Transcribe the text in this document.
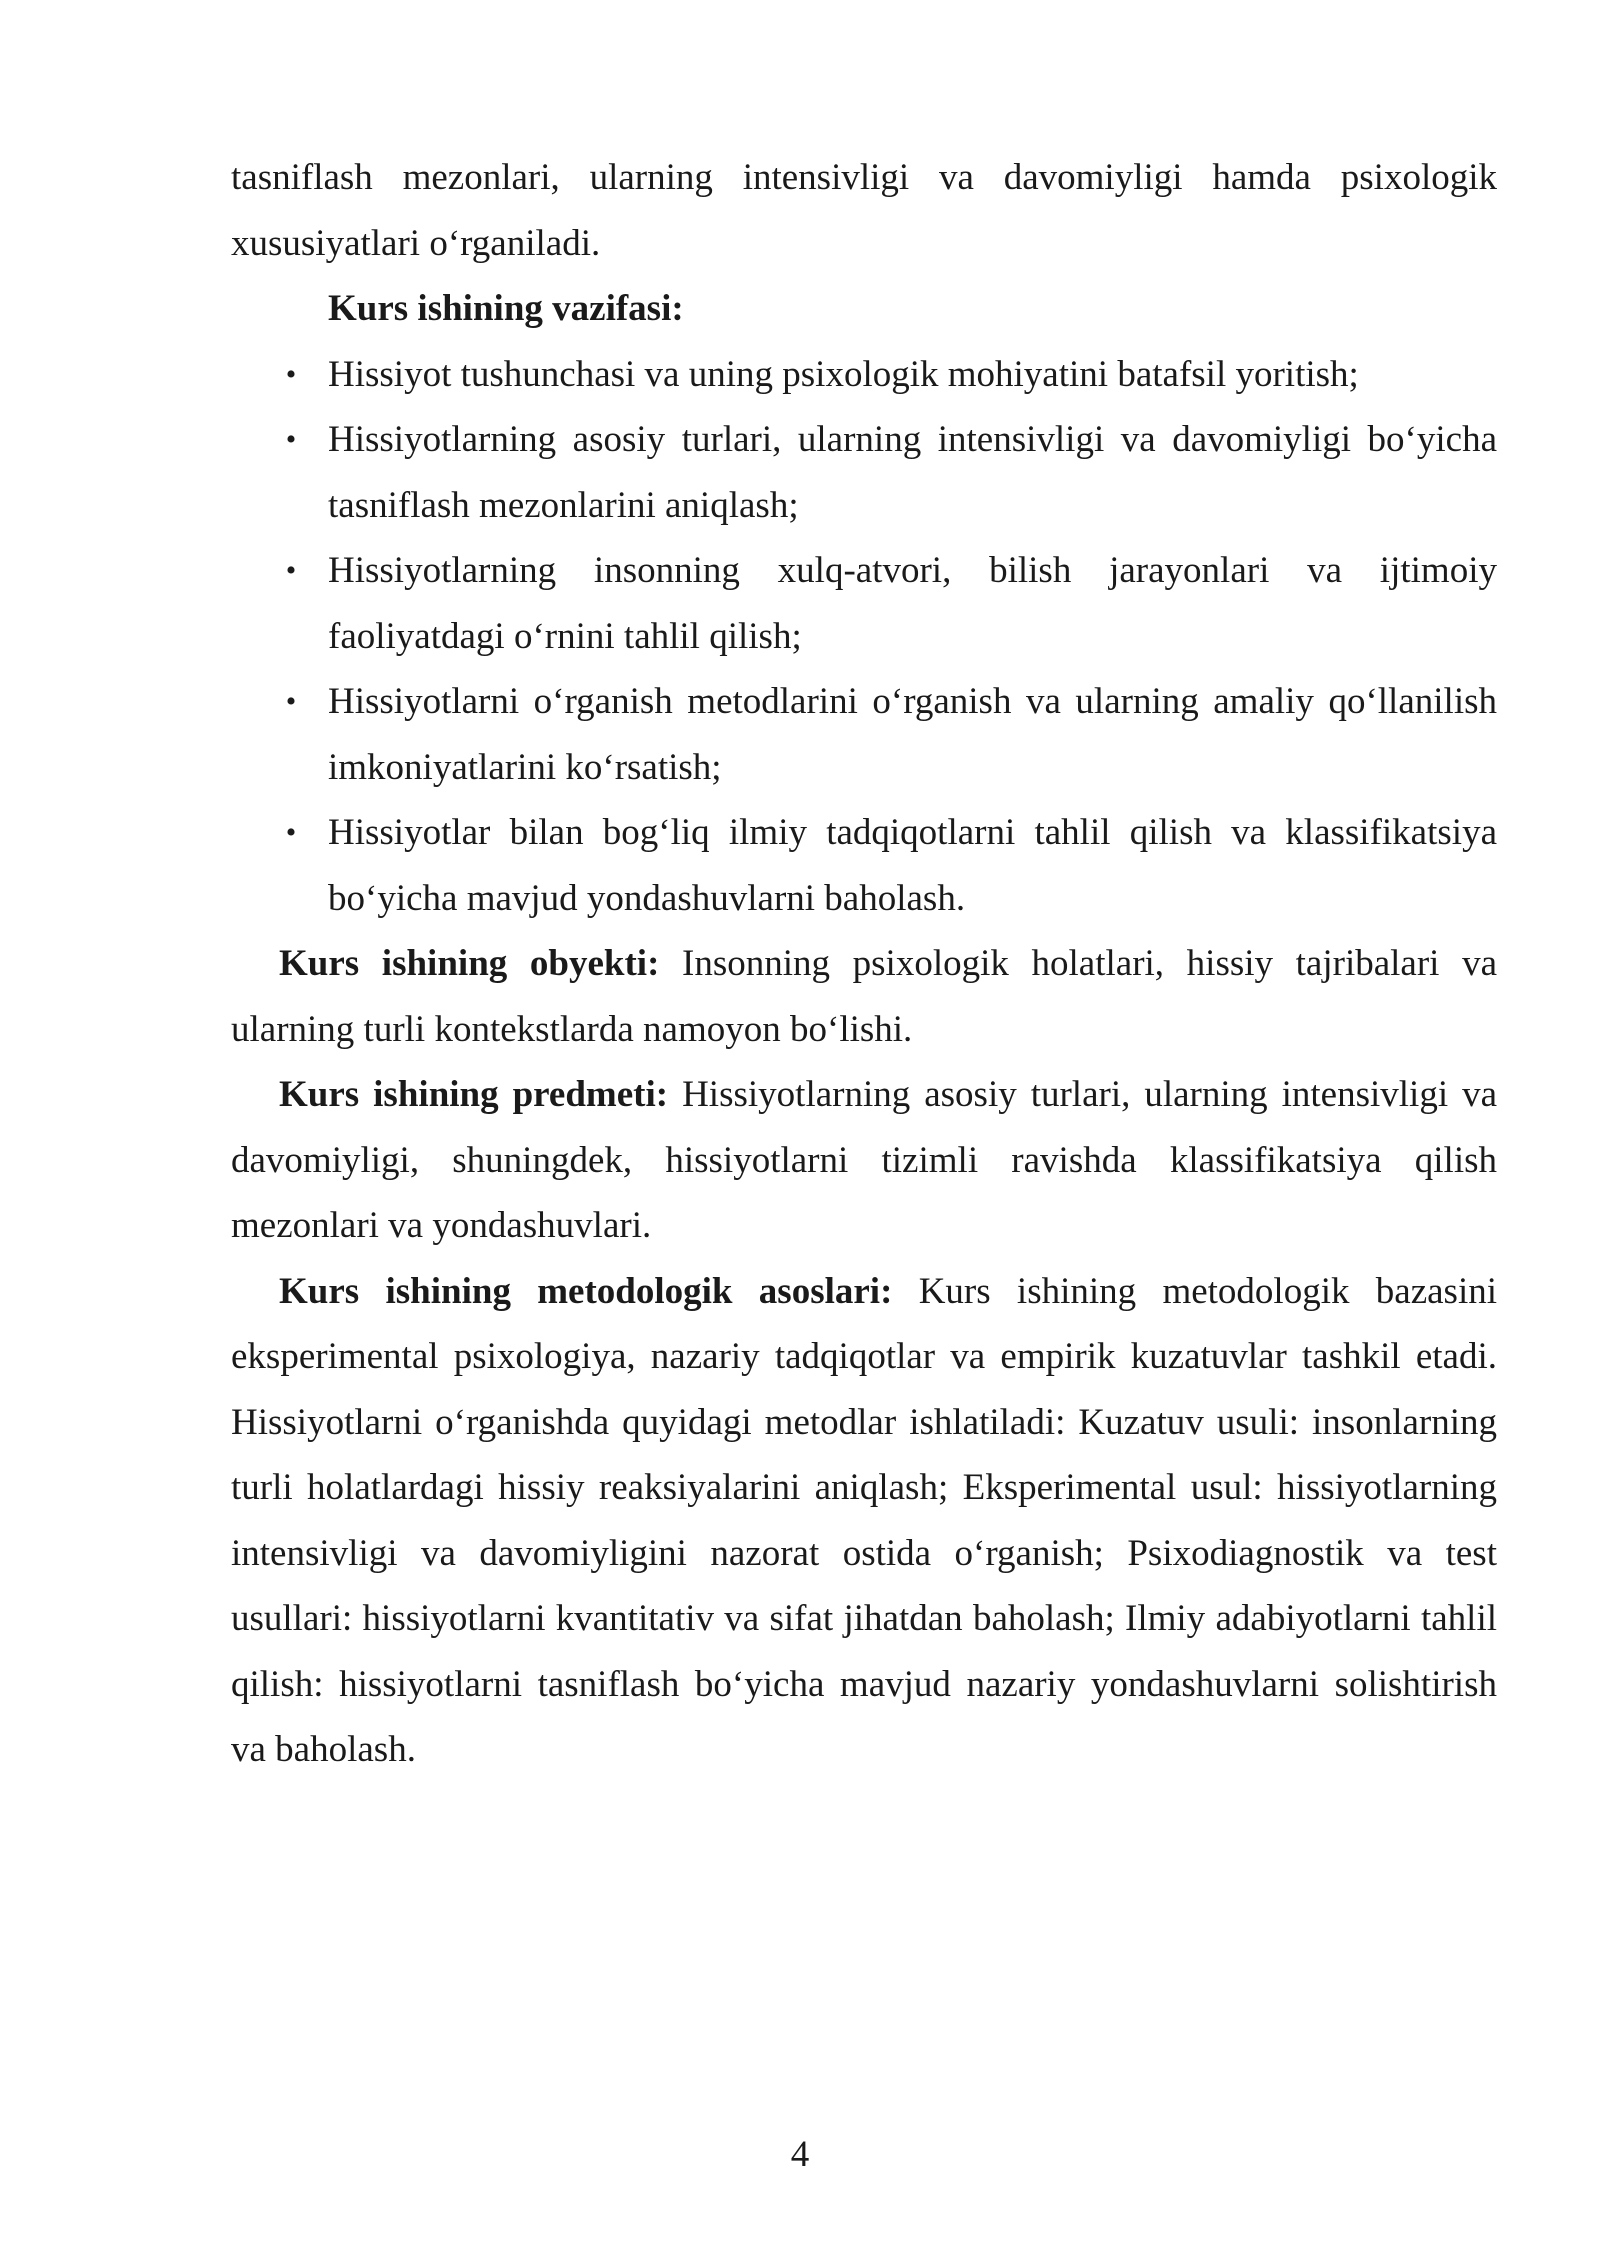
tasniflash mezonlari, ularning intensivligi va davomiyligi hamda psixologik xususiyatlari o‘rganiladi.

Kurs ishining vazifasi:

• Hissiyot tushunchasi va uning psixologik mohiyatini batafsil yoritish;
• Hissiyotlarning asosiy turlari, ularning intensivligi va davomiyligi bo‘yicha tasniflash mezonlarini aniqlash;
• Hissiyotlarning insonning xulq-atvori, bilish jarayonlari va ijtimoiy faoliyatdagi o‘rnini tahlil qilish;
• Hissiyotlarni o‘rganish metodlarini o‘rganish va ularning amaliy qo‘llanilish imkoniyatlarini ko‘rsatish;
• Hissiyotlar bilan bog‘liq ilmiy tadqiqotlarni tahlil qilish va klassifikatsiya bo‘yicha mavjud yondashuvlarni baholash.

Kurs ishining obyekti: Insonning psixologik holatlari, hissiy tajribalari va ularning turli kontekstlarda namoyon bo‘lishi.

Kurs ishining predmeti: Hissiyotlarning asosiy turlari, ularning intensivligi va davomiyligi, shuningdek, hissiyotlarni tizimli ravishda klassifikatsiya qilish mezonlari va yondashuvlari.

Kurs ishining metodologik asoslari: Kurs ishining metodologik bazasini eksperimental psixologiya, nazariy tadqiqotlar va empirik kuzatuvlar tashkil etadi. Hissiyotlarni o‘rganishda quyidagi metodlar ishlatiladi: Kuzatuv usuli: insonlarning turli holatlardagi hissiy reaksiyalarini aniqlash; Eksperimental usul: hissiyotlarning intensivligi va davomiyligini nazorat ostida o‘rganish; Psixodiagnostik va test usullari: hissiyotlarni kvantitativ va sifat jihatdan baholash; Ilmiy adabiyotlarni tahlil qilish: hissiyotlarni tasniflash bo‘yicha mavjud nazariy yondashuvlarni solishtirish va baholash.

4
